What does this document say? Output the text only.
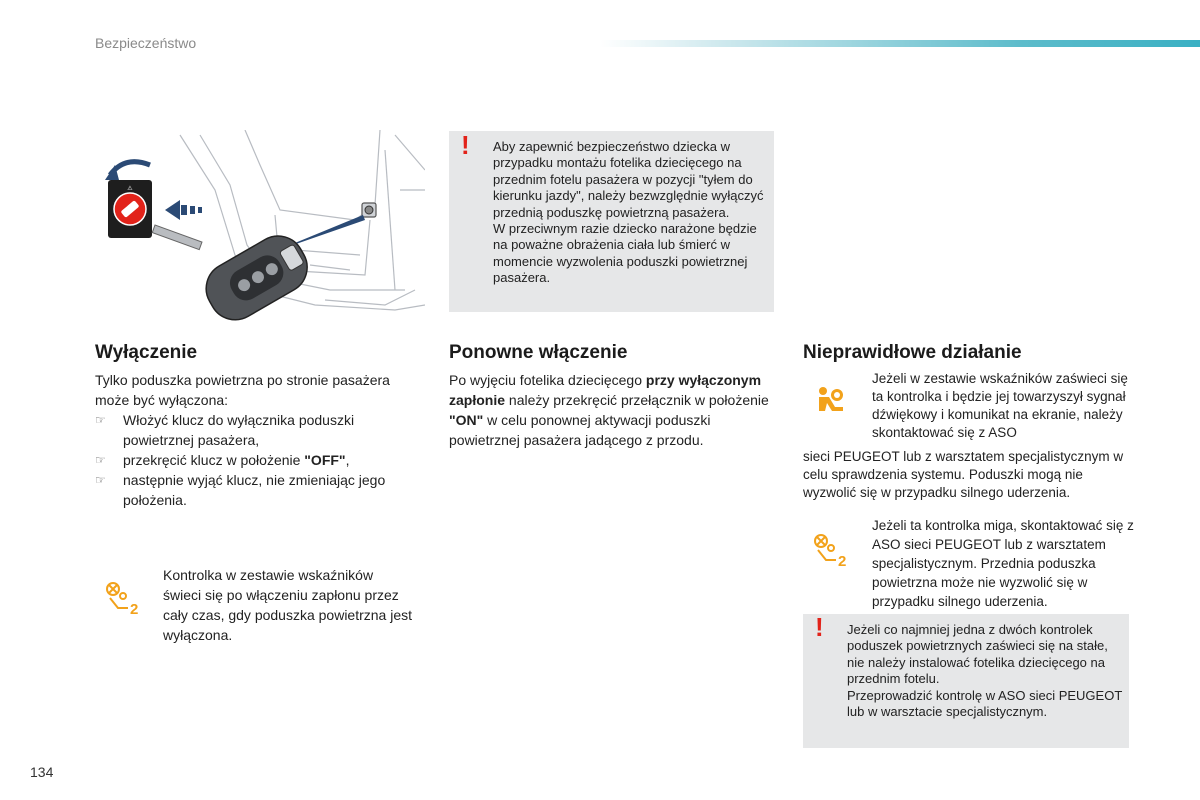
Bezpieczeństwo
⚠
! Aby zapewnić bezpieczeństwo dziecka w przypadku montażu fotelika dziecięcego na przednim fotelu pasażera w pozycji "tyłem do kierunku jazdy", należy bezwzględnie wyłączyć przednią poduszkę powietrzną pasażera.

W przeciwnym razie dziecko narażone będzie na poważne obrażenia ciała lub śmierć w momencie wyzwolenia poduszki powietrznej pasażera.

Wyłączenie

Tylko poduszka powietrzna po stronie pasażera może być wyłączona:

☞ Włożyć klucz do wyłącznika poduszki powietrznej pasażera,
☞ przekręcić klucz w położenie "OFF",
☞ następnie wyjąć klucz, nie zmieniając jego położenia.
2
Kontrolka w zestawie wskaźników świeci się po włączeniu zapłonu przez cały czas, gdy poduszka powietrzna jest wyłączona.
Ponowne włączenie

Po wyjęciu fotelika dziecięcego przy wyłączonym zapłonie należy przekręcić przełącznik w położenie "ON" w celu ponownej aktywacji poduszki powietrznej pasażera jadącego z przodu.

Nieprawidłowe działanie
Jeżeli w zestawie wskaźników zaświeci się ta kontrolka i będzie jej towarzyszył sygnał dźwiękowy i komunikat na ekranie, należy skontaktować się z ASO
sieci PEUGEOT lub z warsztatem specjalistycznym w celu sprawdzenia systemu. Poduszki mogą nie wyzwolić się w przypadku silnego uderzenia.
2
Jeżeli ta kontrolka miga, skontaktować się z ASO sieci PEUGEOT lub z warsztatem specjalistycznym. Przednia poduszka powietrzna może nie wyzwolić się w przypadku silnego uderzenia.
! Jeżeli co najmniej jedna z dwóch kontrolek poduszek powietrznych zaświeci się na stałe, nie należy instalować fotelika dziecięcego na przednim fotelu.

Przeprowadzić kontrolę w ASO sieci PEUGEOT lub w warsztacie specjalistycznym.

134
